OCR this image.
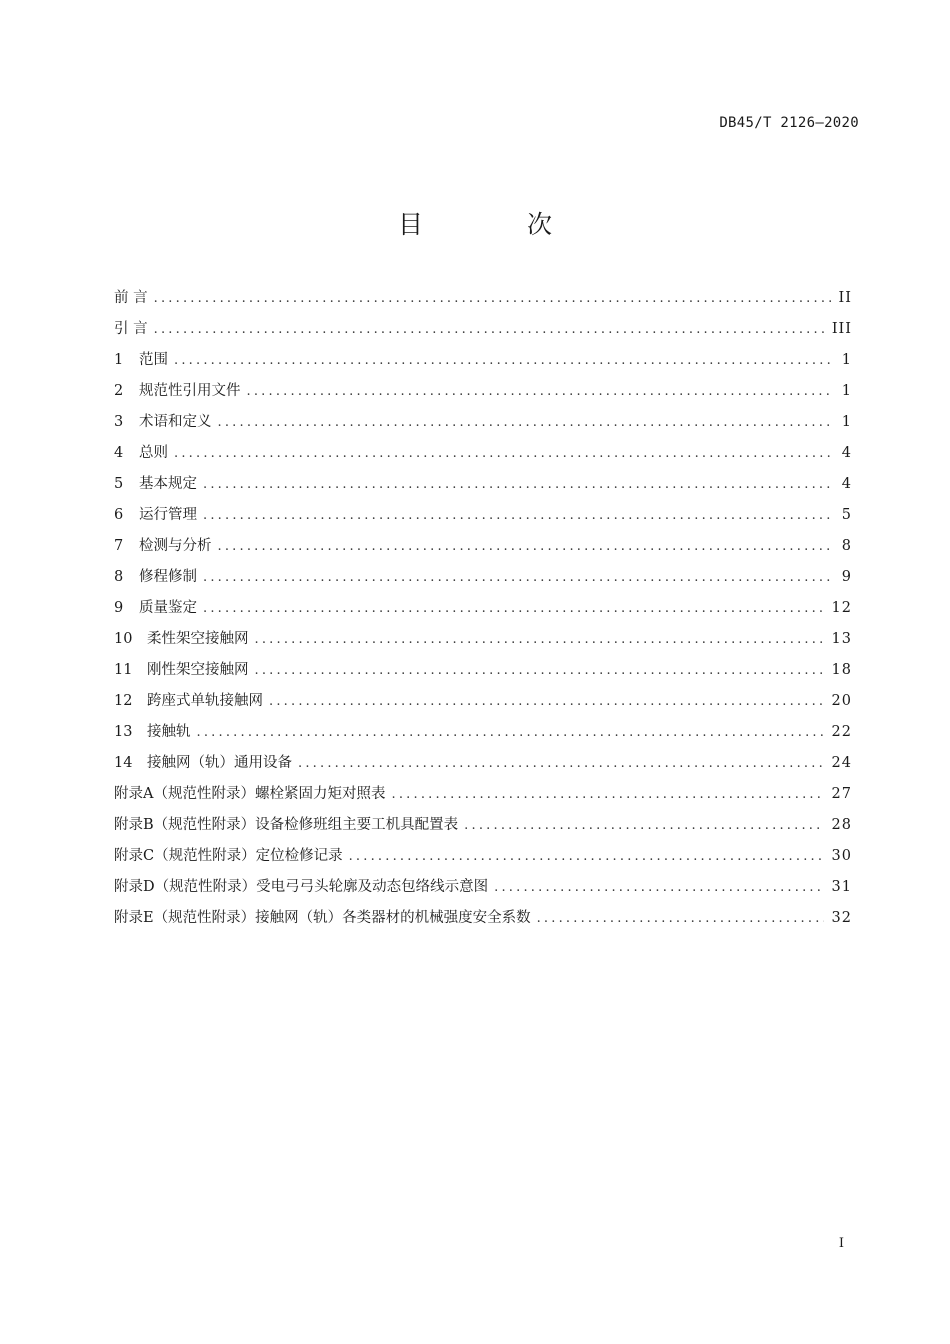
DB45/T 2126—2020
目 次
前 言 .....	II
引 言 .....	III
1	范围 .....	1
2	规范性引用文件 .....	1
3	术语和定义 .....	1
4	总则 .....	4
5	基本规定 .....	4
6	运行管理 .....	5
7	检测与分析 .....	8
8	修程修制 .....	9
9	质量鉴定 .....	12
10	柔性架空接触网 .....	13
11	刚性架空接触网 .....	18
12	跨座式单轨接触网 .....	20
13	接触轨 .....	22
14	接触网（轨）通用设备 .....	24
附录A（规范性附录）螺栓紧固力矩对照表 .....	27
附录B（规范性附录）设备检修班组主要工机具配置表 .....	28
附录C（规范性附录）定位检修记录 .....	30
附录D（规范性附录）受电弓弓头轮廓及动态包络线示意图 .....	31
附录E（规范性附录）接触网（轨）各类器材的机械强度安全系数 .....	32
I
